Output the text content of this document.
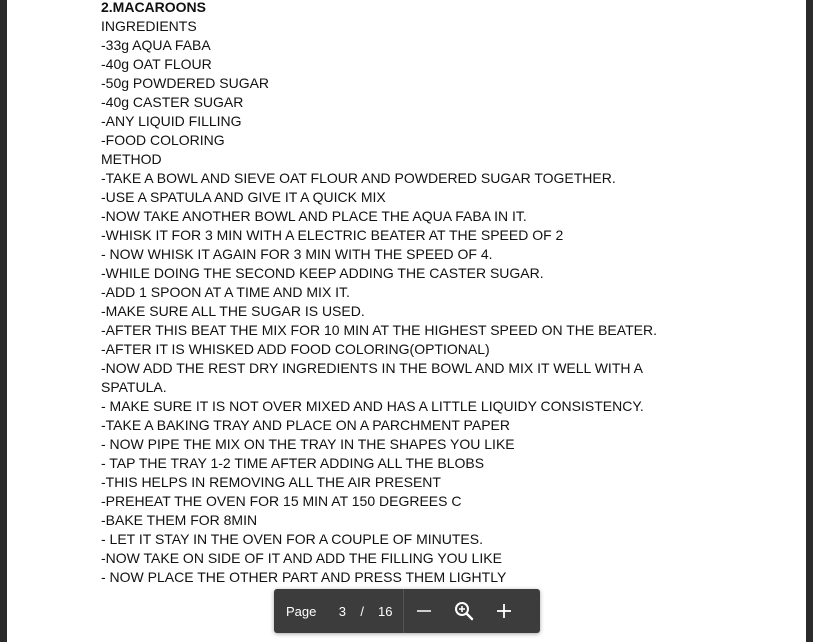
2.MACAROONS
INGREDIENTS
-33g AQUA FABA
-40g OAT FLOUR
-50g POWDERED SUGAR
-40g CASTER SUGAR
-ANY LIQUID FILLING
-FOOD COLORING
METHOD
-TAKE A BOWL AND SIEVE OAT FLOUR AND POWDERED SUGAR TOGETHER.
-USE A SPATULA AND GIVE IT A QUICK MIX
-NOW TAKE ANOTHER BOWL AND PLACE THE AQUA FABA IN IT.
-WHISK IT FOR 3 MIN WITH A ELECTRIC BEATER AT THE SPEED OF 2
- NOW WHISK IT AGAIN FOR 3 MIN WITH THE SPEED OF 4.
-WHILE DOING THE SECOND KEEP ADDING THE CASTER SUGAR.
-ADD 1 SPOON AT A TIME AND MIX IT.
-MAKE SURE ALL THE SUGAR IS USED.
-AFTER THIS BEAT THE MIX FOR 10 MIN AT THE HIGHEST SPEED ON THE BEATER.
-AFTER IT IS WHISKED ADD FOOD COLORING(OPTIONAL)
-NOW ADD THE REST DRY INGREDIENTS IN THE BOWL AND MIX IT WELL WITH A
SPATULA.
- MAKE SURE IT IS NOT OVER MIXED AND HAS A LITTLE LIQUIDY CONSISTENCY.
-TAKE A BAKING TRAY AND PLACE ON A PARCHMENT PAPER
- NOW PIPE THE MIX ON THE TRAY IN THE SHAPES YOU LIKE
- TAP THE TRAY 1-2 TIME AFTER ADDING ALL THE BLOBS
-THIS HELPS IN REMOVING ALL THE AIR PRESENT
-PREHEAT THE OVEN FOR 15 MIN AT 150 DEGREES C
-BAKE THEM FOR 8MIN
- LET IT STAY IN THE OVEN FOR A COUPLE OF MINUTES.
-NOW TAKE ON SIDE OF IT AND ADD THE FILLING YOU LIKE
- NOW PLACE THE OTHER PART AND PRESS THEM LIGHTLY
Page	3	/ 16
